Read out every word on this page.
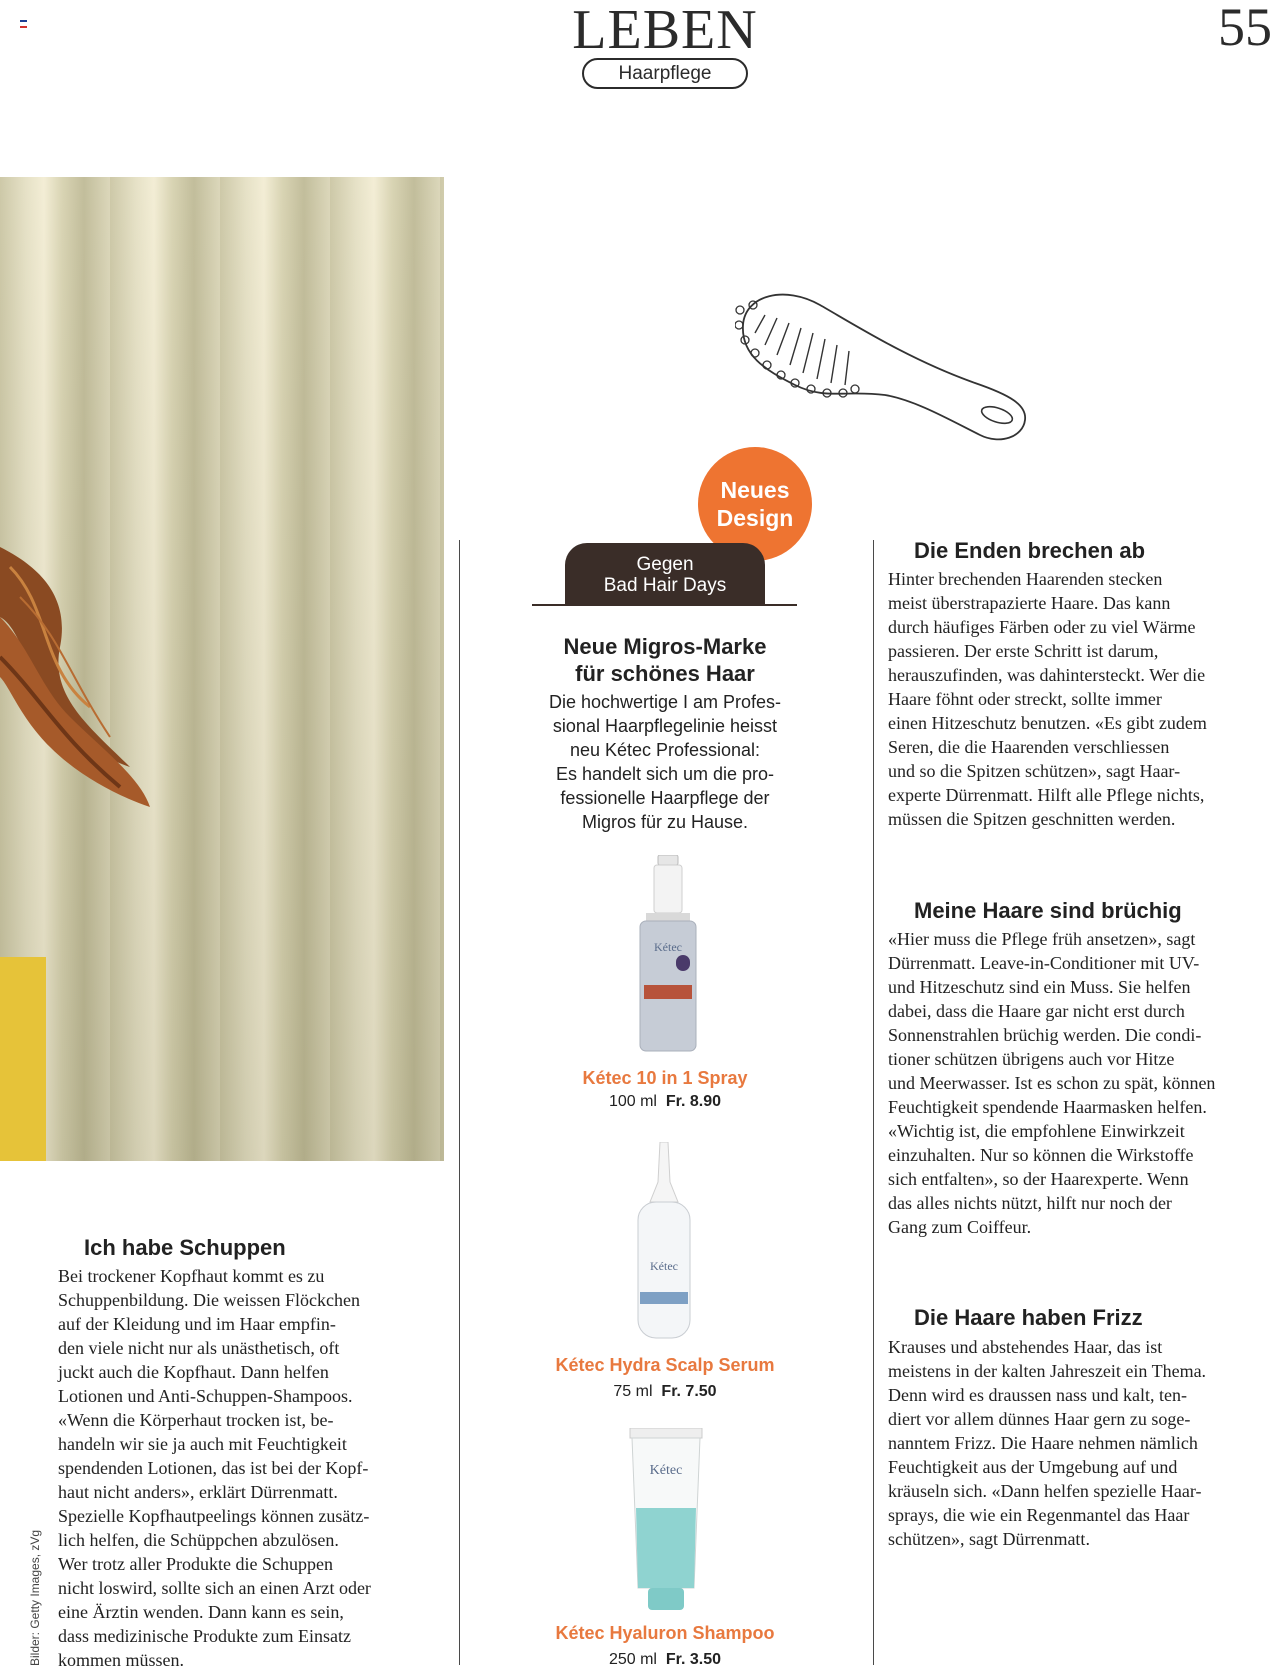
LEBEN
Haarpflege
55
Bilder: Getty Images, zVg
Neues
Design
Gegen
Bad Hair Days
Neue Migros-Marke
für schönes Haar
Die hochwertige I am Profes-
sional Haarpflegelinie heisst
neu Kétec Professional:
Es handelt sich um die pro-
fessionelle Haarpflege der
Migros für zu Hause.
Kétec
Kétec 10 in 1 Spray
100 ml Fr. 8.90
Kétec
Kétec Hydra Scalp Serum
75 ml Fr. 7.50
Kétec
Kétec Hyaluron Shampoo
250 ml Fr. 3.50
Ich habe Schuppen
Bei trockener Kopfhaut kommt es zu
Schuppenbildung. Die weissen Flöckchen
auf der Kleidung und im Haar empfin-
den viele nicht nur als unästhetisch, oft
juckt auch die Kopfhaut. Dann helfen
Lotionen und Anti-Schuppen-Shampoos.
«Wenn die Körperhaut trocken ist, be-
handeln wir sie ja auch mit Feuchtigkeit
spendenden Lotionen, das ist bei der Kopf-
haut nicht anders», erklärt Dürrenmatt.
Spezielle Kopfhautpeelings können zusätz-
lich helfen, die Schüppchen abzulösen.
Wer trotz aller Produkte die Schuppen
nicht loswird, sollte sich an einen Arzt oder
eine Ärztin wenden. Dann kann es sein,
dass medizinische Produkte zum Einsatz
kommen müssen.
Die Enden brechen ab
Hinter brechenden Haarenden stecken
meist überstrapazierte Haare. Das kann
durch häufiges Färben oder zu viel Wärme
passieren. Der erste Schritt ist darum,
herauszufinden, was dahintersteckt. Wer die
Haare föhnt oder streckt, sollte immer
einen Hitzeschutz benutzen. «Es gibt zudem
Seren, die die Haarenden verschliessen
und so die Spitzen schützen», sagt Haar-
experte Dürrenmatt. Hilft alle Pflege nichts,
müssen die Spitzen geschnitten werden.
Meine Haare sind brüchig
«Hier muss die Pflege früh ansetzen», sagt
Dürrenmatt. Leave-in-Conditioner mit UV-
und Hitzeschutz sind ein Muss. Sie helfen
dabei, dass die Haare gar nicht erst durch
Sonnenstrahlen brüchig werden. Die condi-
tioner schützen übrigens auch vor Hitze
und Meerwasser. Ist es schon zu spät, können
Feuchtigkeit spendende Haarmasken helfen.
«Wichtig ist, die empfohlene Einwirkzeit
einzuhalten. Nur so können die Wirkstoffe
sich entfalten», so der Haarexperte. Wenn
das alles nichts nützt, hilft nur noch der
Gang zum Coiffeur.
Die Haare haben Frizz
Krauses und abstehendes Haar, das ist
meistens in der kalten Jahreszeit ein Thema.
Denn wird es draussen nass und kalt, ten-
diert vor allem dünnes Haar gern zu soge-
nanntem Frizz. Die Haare nehmen nämlich
Feuchtigkeit aus der Umgebung auf und
kräuseln sich. «Dann helfen spezielle Haar-
sprays, die wie ein Regenmantel das Haar
schützen», sagt Dürrenmatt.
